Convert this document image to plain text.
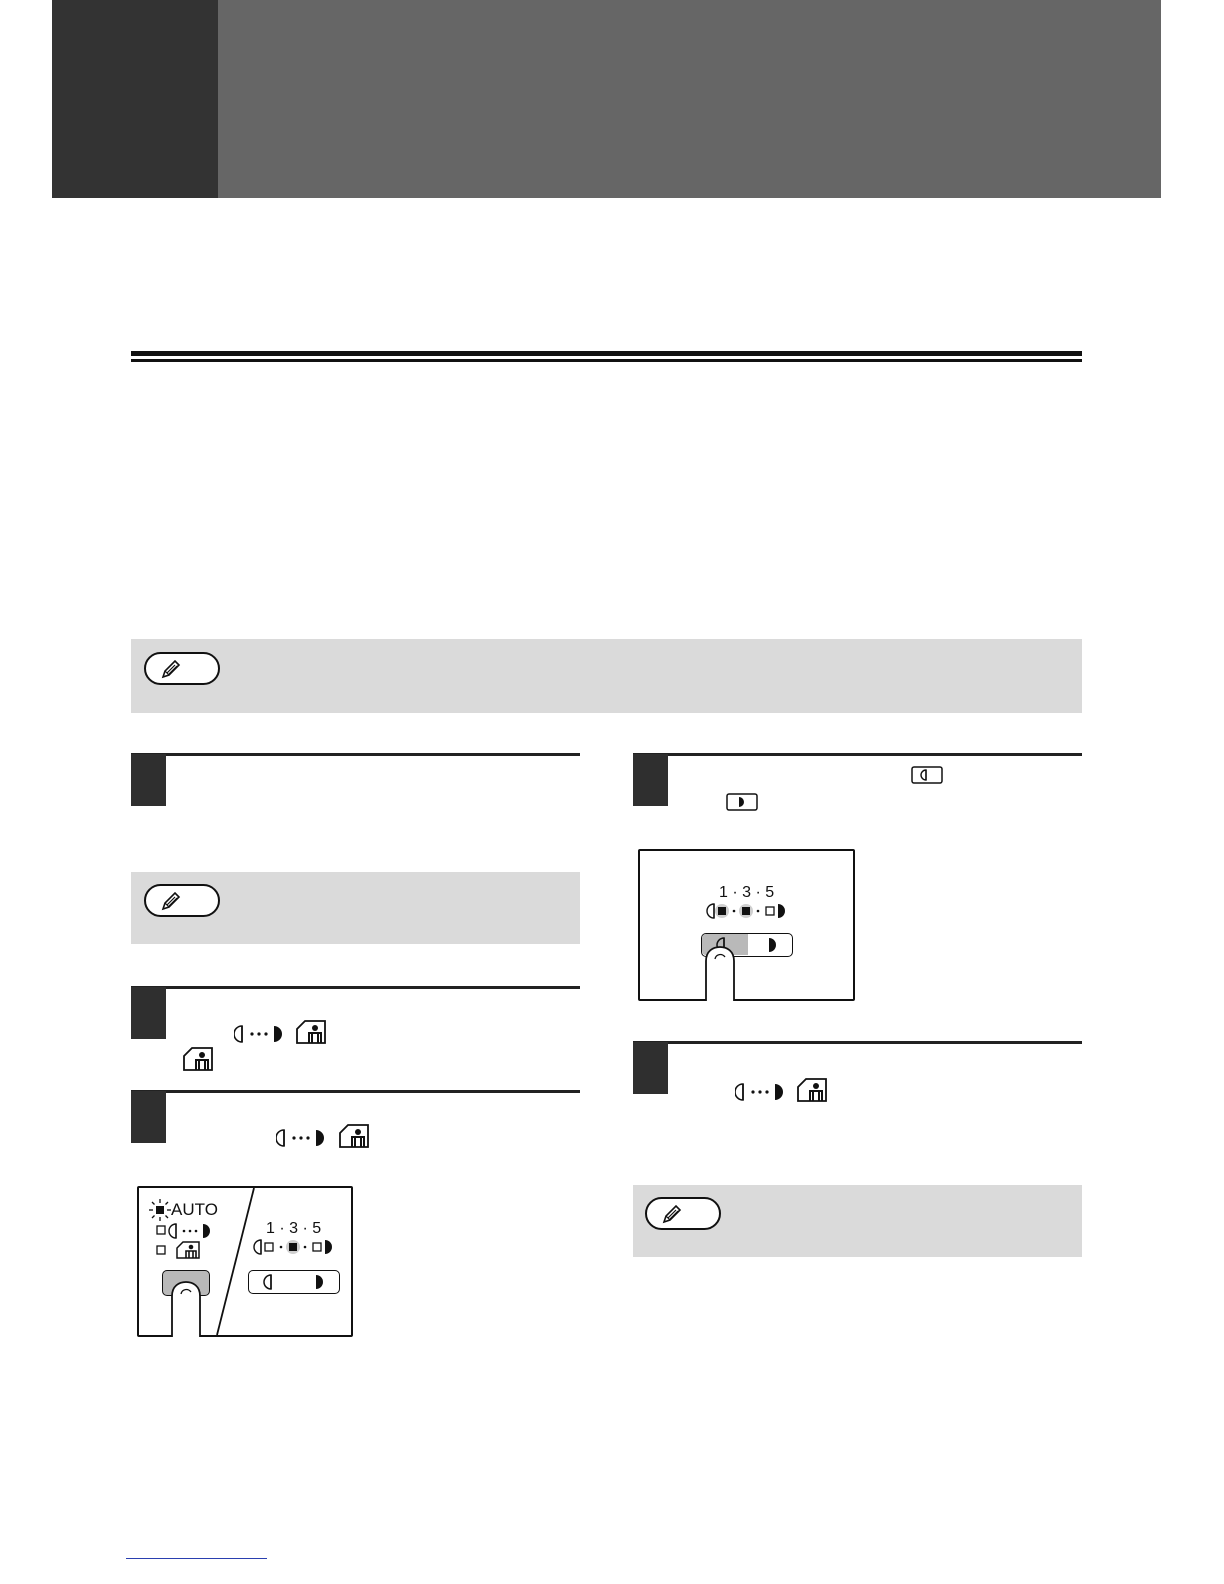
AUTO
1 · 3 · 5
1 · 3 · 5
